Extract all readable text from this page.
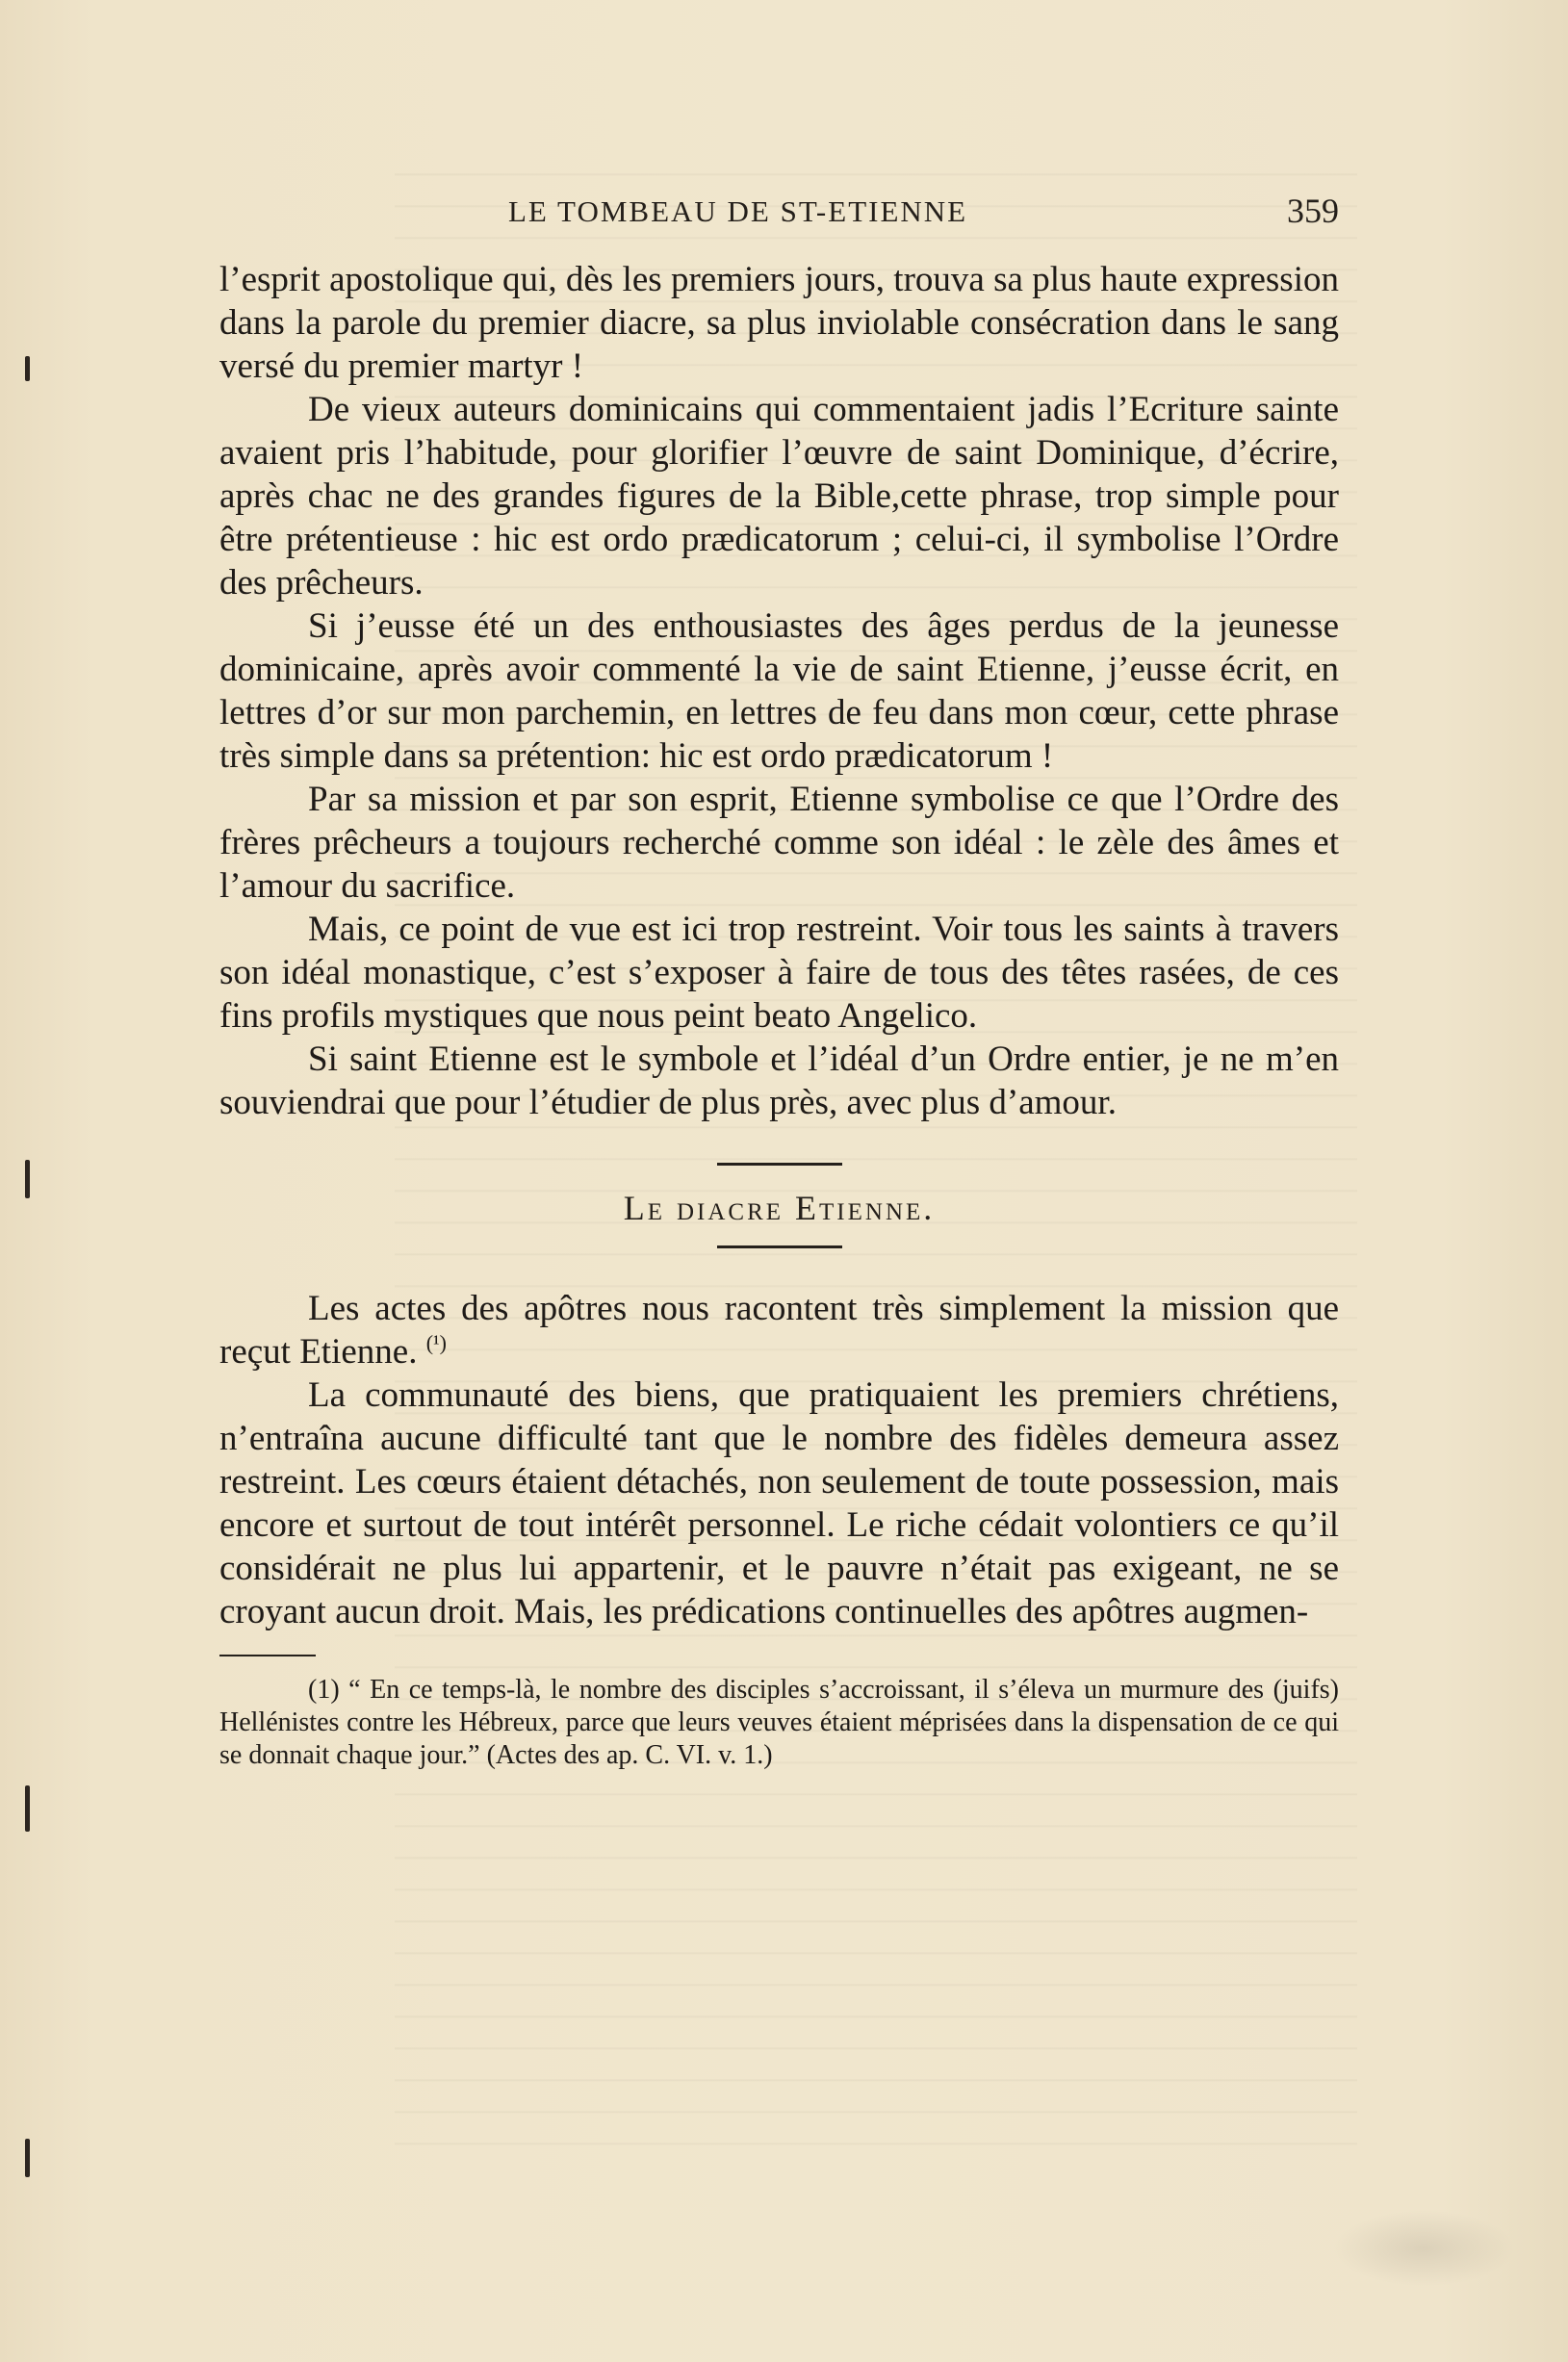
LE TOMBEAU DE ST-ETIENNE	359

l’esprit apostolique qui, dès les premiers jours, trouva sa plus haute expression dans la parole du premier diacre, sa plus inviolable consécration dans le sang versé du premier martyr !

De vieux auteurs dominicains qui commentaient jadis l’Ecriture sainte avaient pris l’habitude, pour glorifier l’œuvre de saint Dominique, d’écrire, après chac ne des grandes figures de la Bible,cette phrase, trop simple pour être prétentieuse : hic est ordo prædicatorum ; celui-ci, il symbolise l’Ordre des prêcheurs.

Si j’eusse été un des enthousiastes des âges perdus de la jeunesse dominicaine, après avoir commenté la vie de saint Etienne, j’eusse écrit, en lettres d’or sur mon parchemin, en lettres de feu dans mon cœur, cette phrase très simple dans sa prétention: hic est ordo prædicatorum !

Par sa mission et par son esprit, Etienne symbolise ce que l’Ordre des frères prêcheurs a toujours recherché comme son idéal : le zèle des âmes et l’amour du sacrifice.

Mais, ce point de vue est ici trop restreint. Voir tous les saints à travers son idéal monastique, c’est s’exposer à faire de tous des têtes rasées, de ces fins profils mystiques que nous peint beato Angelico.

Si saint Etienne est le symbole et l’idéal d’un Ordre entier, je ne m’en souviendrai que pour l’étudier de plus près, avec plus d’amour.

Le diacre Etienne.

Les actes des apôtres nous racontent très simplement la mission que reçut Etienne. $^{(^1)}$

La communauté des biens, que pratiquaient les premiers chrétiens, n’entraîna aucune difficulté tant que le nombre des fidèles demeura assez restreint. Les cœurs étaient détachés, non seulement de toute possession, mais encore et surtout de tout intérêt personnel. Le riche cédait volontiers ce qu’il considérait ne plus lui appartenir, et le pauvre n’était pas exigeant, ne se croyant aucun droit. Mais, les prédications continuelles des apôtres augmen-

(1) “ En ce temps-là, le nombre des disciples s’accroissant, il s’éleva un murmure des (juifs) Hellénistes contre les Hébreux, parce que leurs veuves étaient méprisées dans la dispensation de ce qui se donnait chaque jour.” (Actes des ap. C. VI. v. 1.)
